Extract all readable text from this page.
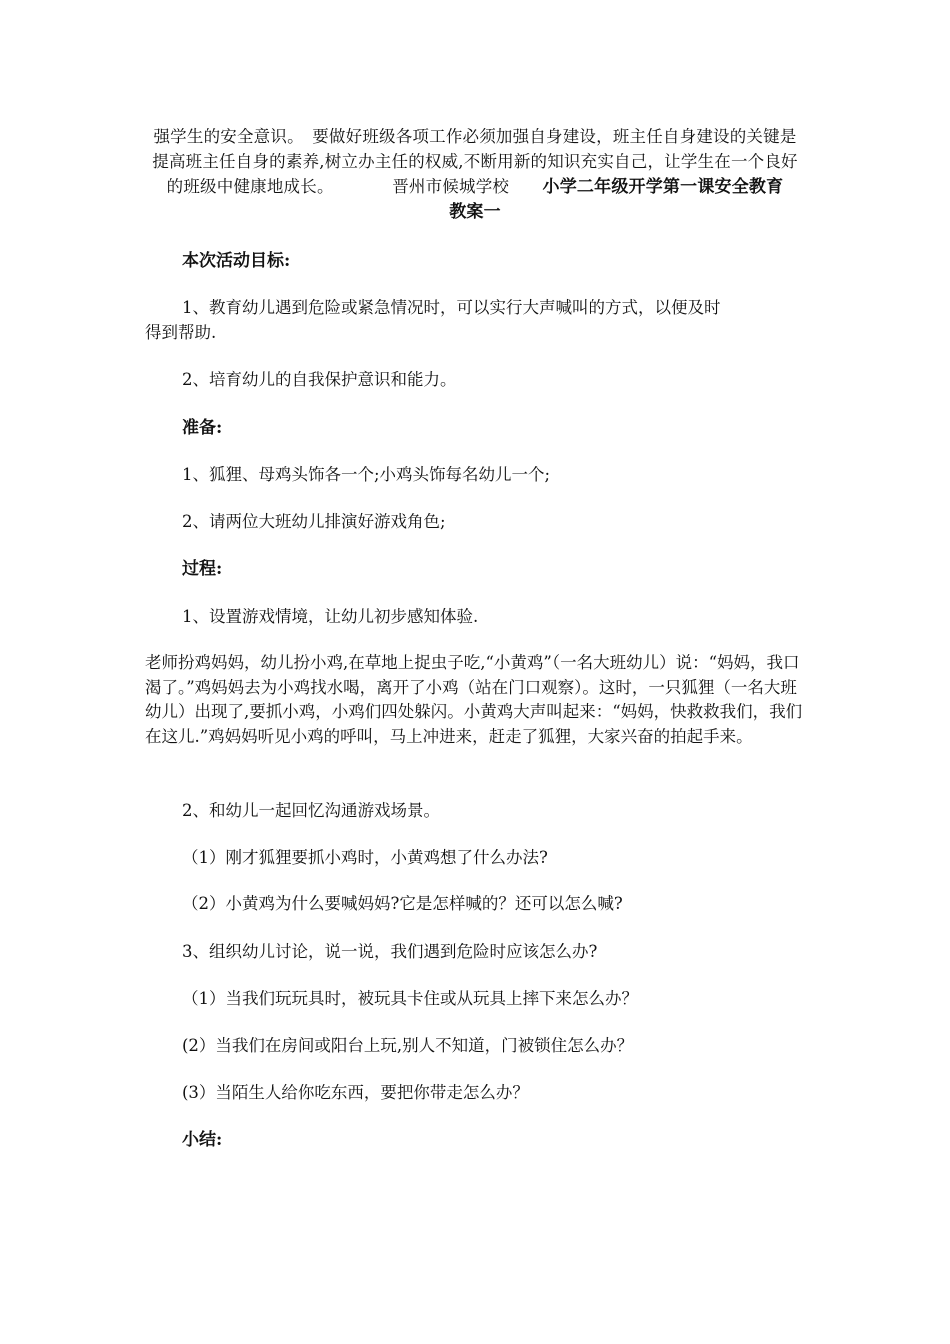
强学生的安全意识。　要做好班级各项工作必须加强自身建设，班主任自身建设的关键是
提高班主任自身的素养,树立办主任的权威,不断用新的知识充实自己，让学生在一个良好
的班级中健康地成长。　　　　晋州市候城学校　　小学二年级开学第一课安全教育
教案一
本次活动目标:
1、教育幼儿遇到危险或紧急情况时，可以实行大声喊叫的方式，以便及时
得到帮助.
2、培育幼儿的自我保护意识和能力。
准备:
1、狐狸、母鸡头饰各一个;小鸡头饰每名幼儿一个;
2、请两位大班幼儿排演好游戏角色;
过程:
1、设置游戏情境，让幼儿初步感知体验.
老师扮鸡妈妈，幼儿扮小鸡,在草地上捉虫子吃,“小黄鸡”（一名大班幼儿）说：“妈妈，我口渴了。”鸡妈妈去为小鸡找水喝，离开了小鸡（站在门口观察）。这时，一只狐狸（一名大班幼儿）出现了,要抓小鸡，小鸡们四处躲闪。小黄鸡大声叫起来：“妈妈，快救救我们，我们在这儿.”鸡妈妈听见小鸡的呼叫，马上冲进来，赶走了狐狸，大家兴奋的拍起手来。
2、和幼儿一起回忆沟通游戏场景。
（1）刚才狐狸要抓小鸡时，小黄鸡想了什么办法?
（2）小黄鸡为什么要喊妈妈?它是怎样喊的？还可以怎么喊?
3、组织幼儿讨论，说一说，我们遇到危险时应该怎么办?
（1）当我们玩玩具时，被玩具卡住或从玩具上摔下来怎么办？
(2）当我们在房间或阳台上玩,别人不知道，门被锁住怎么办？
(3）当陌生人给你吃东西，要把你带走怎么办？
小结:
